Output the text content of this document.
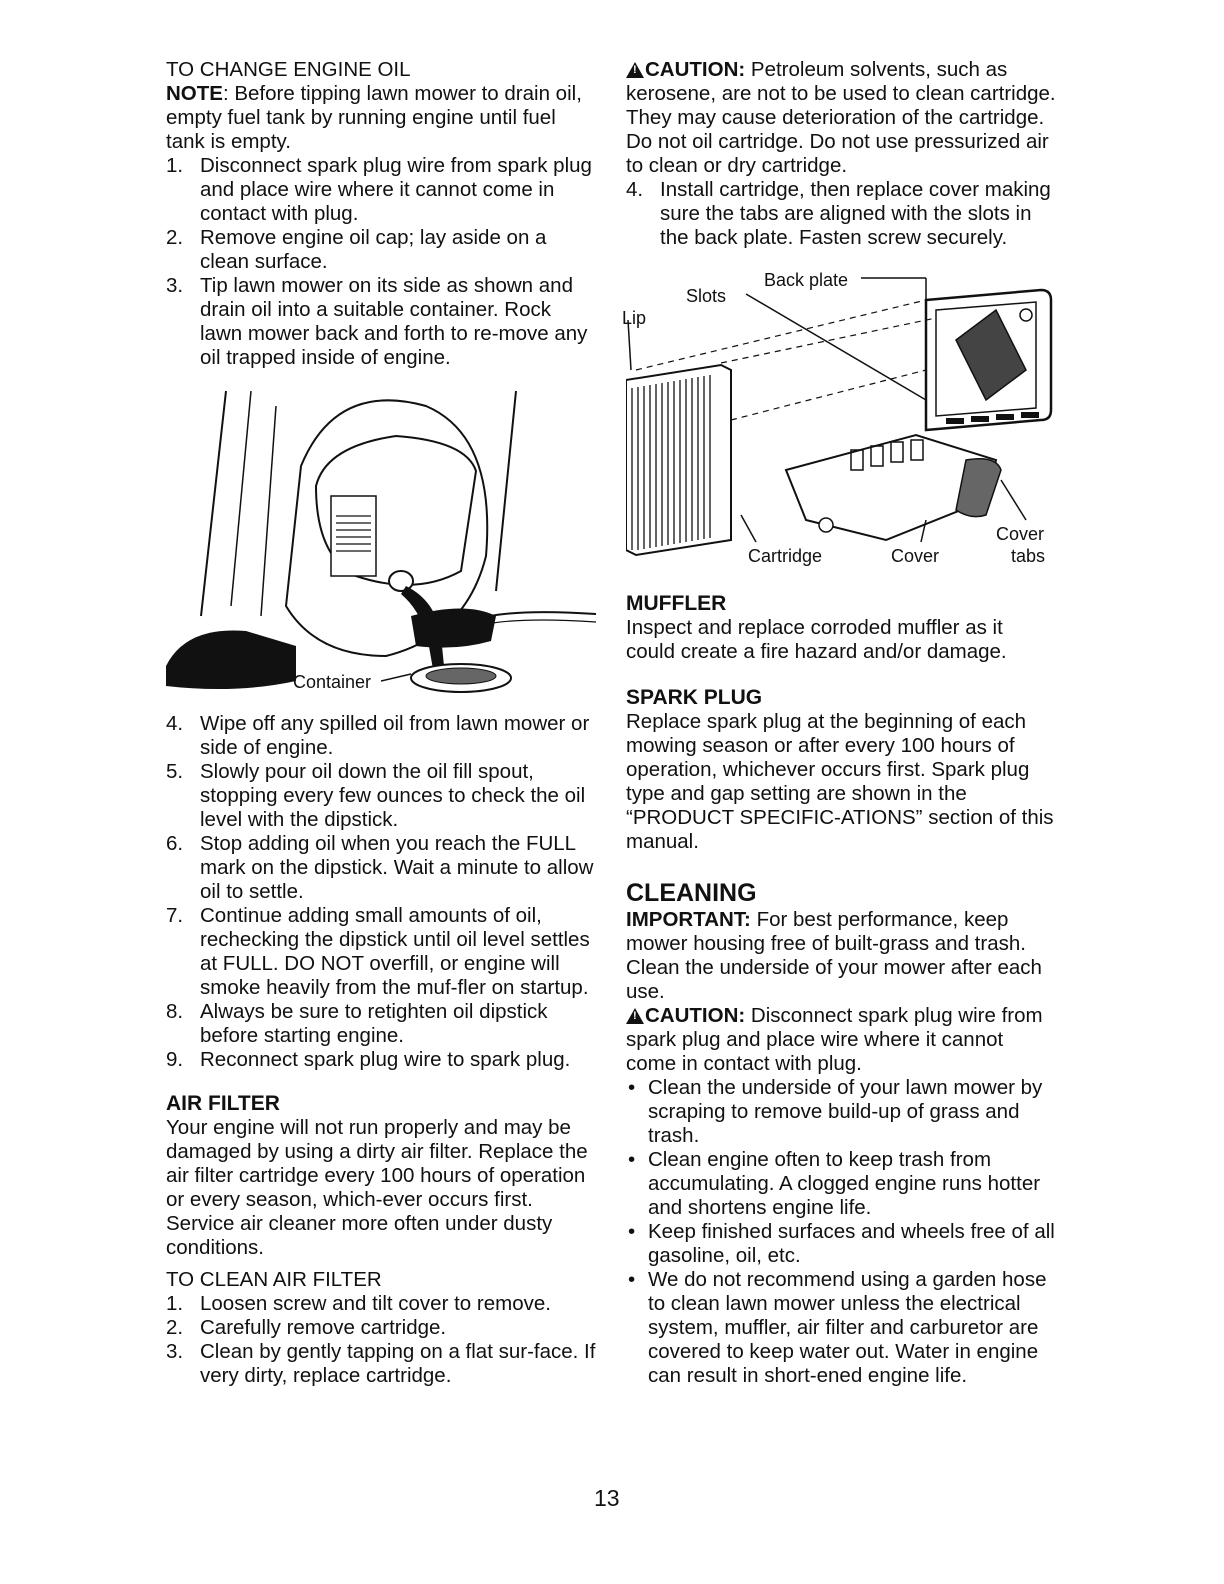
TO CHANGE ENGINE OIL

NOTE: Before tipping lawn mower to drain oil, empty fuel tank by running engine until fuel tank is empty.

1. Disconnect spark plug wire from spark plug and place wire where it cannot come in contact with plug.
2. Remove engine oil cap; lay aside on a clean surface.
3. Tip lawn mower on its side as shown and drain oil into a suitable container. Rock lawn mower back and forth to re-move any oil trapped inside of engine.
Container
4. Wipe off any spilled oil from lawn mower or side of engine.
5. Slowly pour oil down the oil fill spout, stopping every few ounces to check the oil level with the dipstick.
6. Stop adding oil when you reach the FULL mark on the dipstick. Wait a minute to allow oil to settle.
7. Continue adding small amounts of oil, rechecking the dipstick until oil level settles at FULL. DO NOT overfill, or engine will smoke heavily from the muf-fler on startup.
8. Always be sure to retighten oil dipstick before starting engine.
9. Reconnect spark plug wire to spark plug.

AIR FILTER

Your engine will not run properly and may be damaged by using a dirty air filter. Replace the air filter cartridge every 100 hours of operation or every season, which-ever occurs first. Service air cleaner more often under dusty conditions.

TO CLEAN AIR FILTER

1. Loosen screw and tilt cover to remove.
2. Carefully remove cartridge.
3. Clean by gently tapping on a flat sur-face. If very dirty, replace cartridge.

!CAUTION: Petroleum solvents, such as kerosene, are not to be used to clean cartridge. They may cause deterioration of the cartridge. Do not oil cartridge. Do not use pressurized air to clean or dry cartridge.

4. Install cartridge, then replace cover making sure the tabs are aligned with the slots in the back plate. Fasten screw securely.
Back plate
Slots
Lip
Cartridge	Cover
Cover
tabs

MUFFLER

Inspect and replace corroded muffler as it could create a fire hazard and/or damage.

SPARK PLUG

Replace spark plug at the beginning of each mowing season or after every 100 hours of operation, whichever occurs first. Spark plug type and gap setting are shown in the “PRODUCT SPECIFIC-ATIONS” section of this manual.

CLEANING

IMPORTANT: For best performance, keep mower housing free of built-grass and trash. Clean the underside of your mower after each use.

!CAUTION: Disconnect spark plug wire from spark plug and place wire where it cannot come in contact with plug.

• Clean the underside of your lawn mower by scraping to remove build-up of grass and trash.
• Clean engine often to keep trash from accumulating. A clogged engine runs hotter and shortens engine life.
• Keep finished surfaces and wheels free of all gasoline, oil, etc.
• We do not recommend using a garden hose to clean lawn mower unless the electrical system, muffler, air filter and carburetor are covered to keep water out. Water in engine can result in short-ened engine life.
13
